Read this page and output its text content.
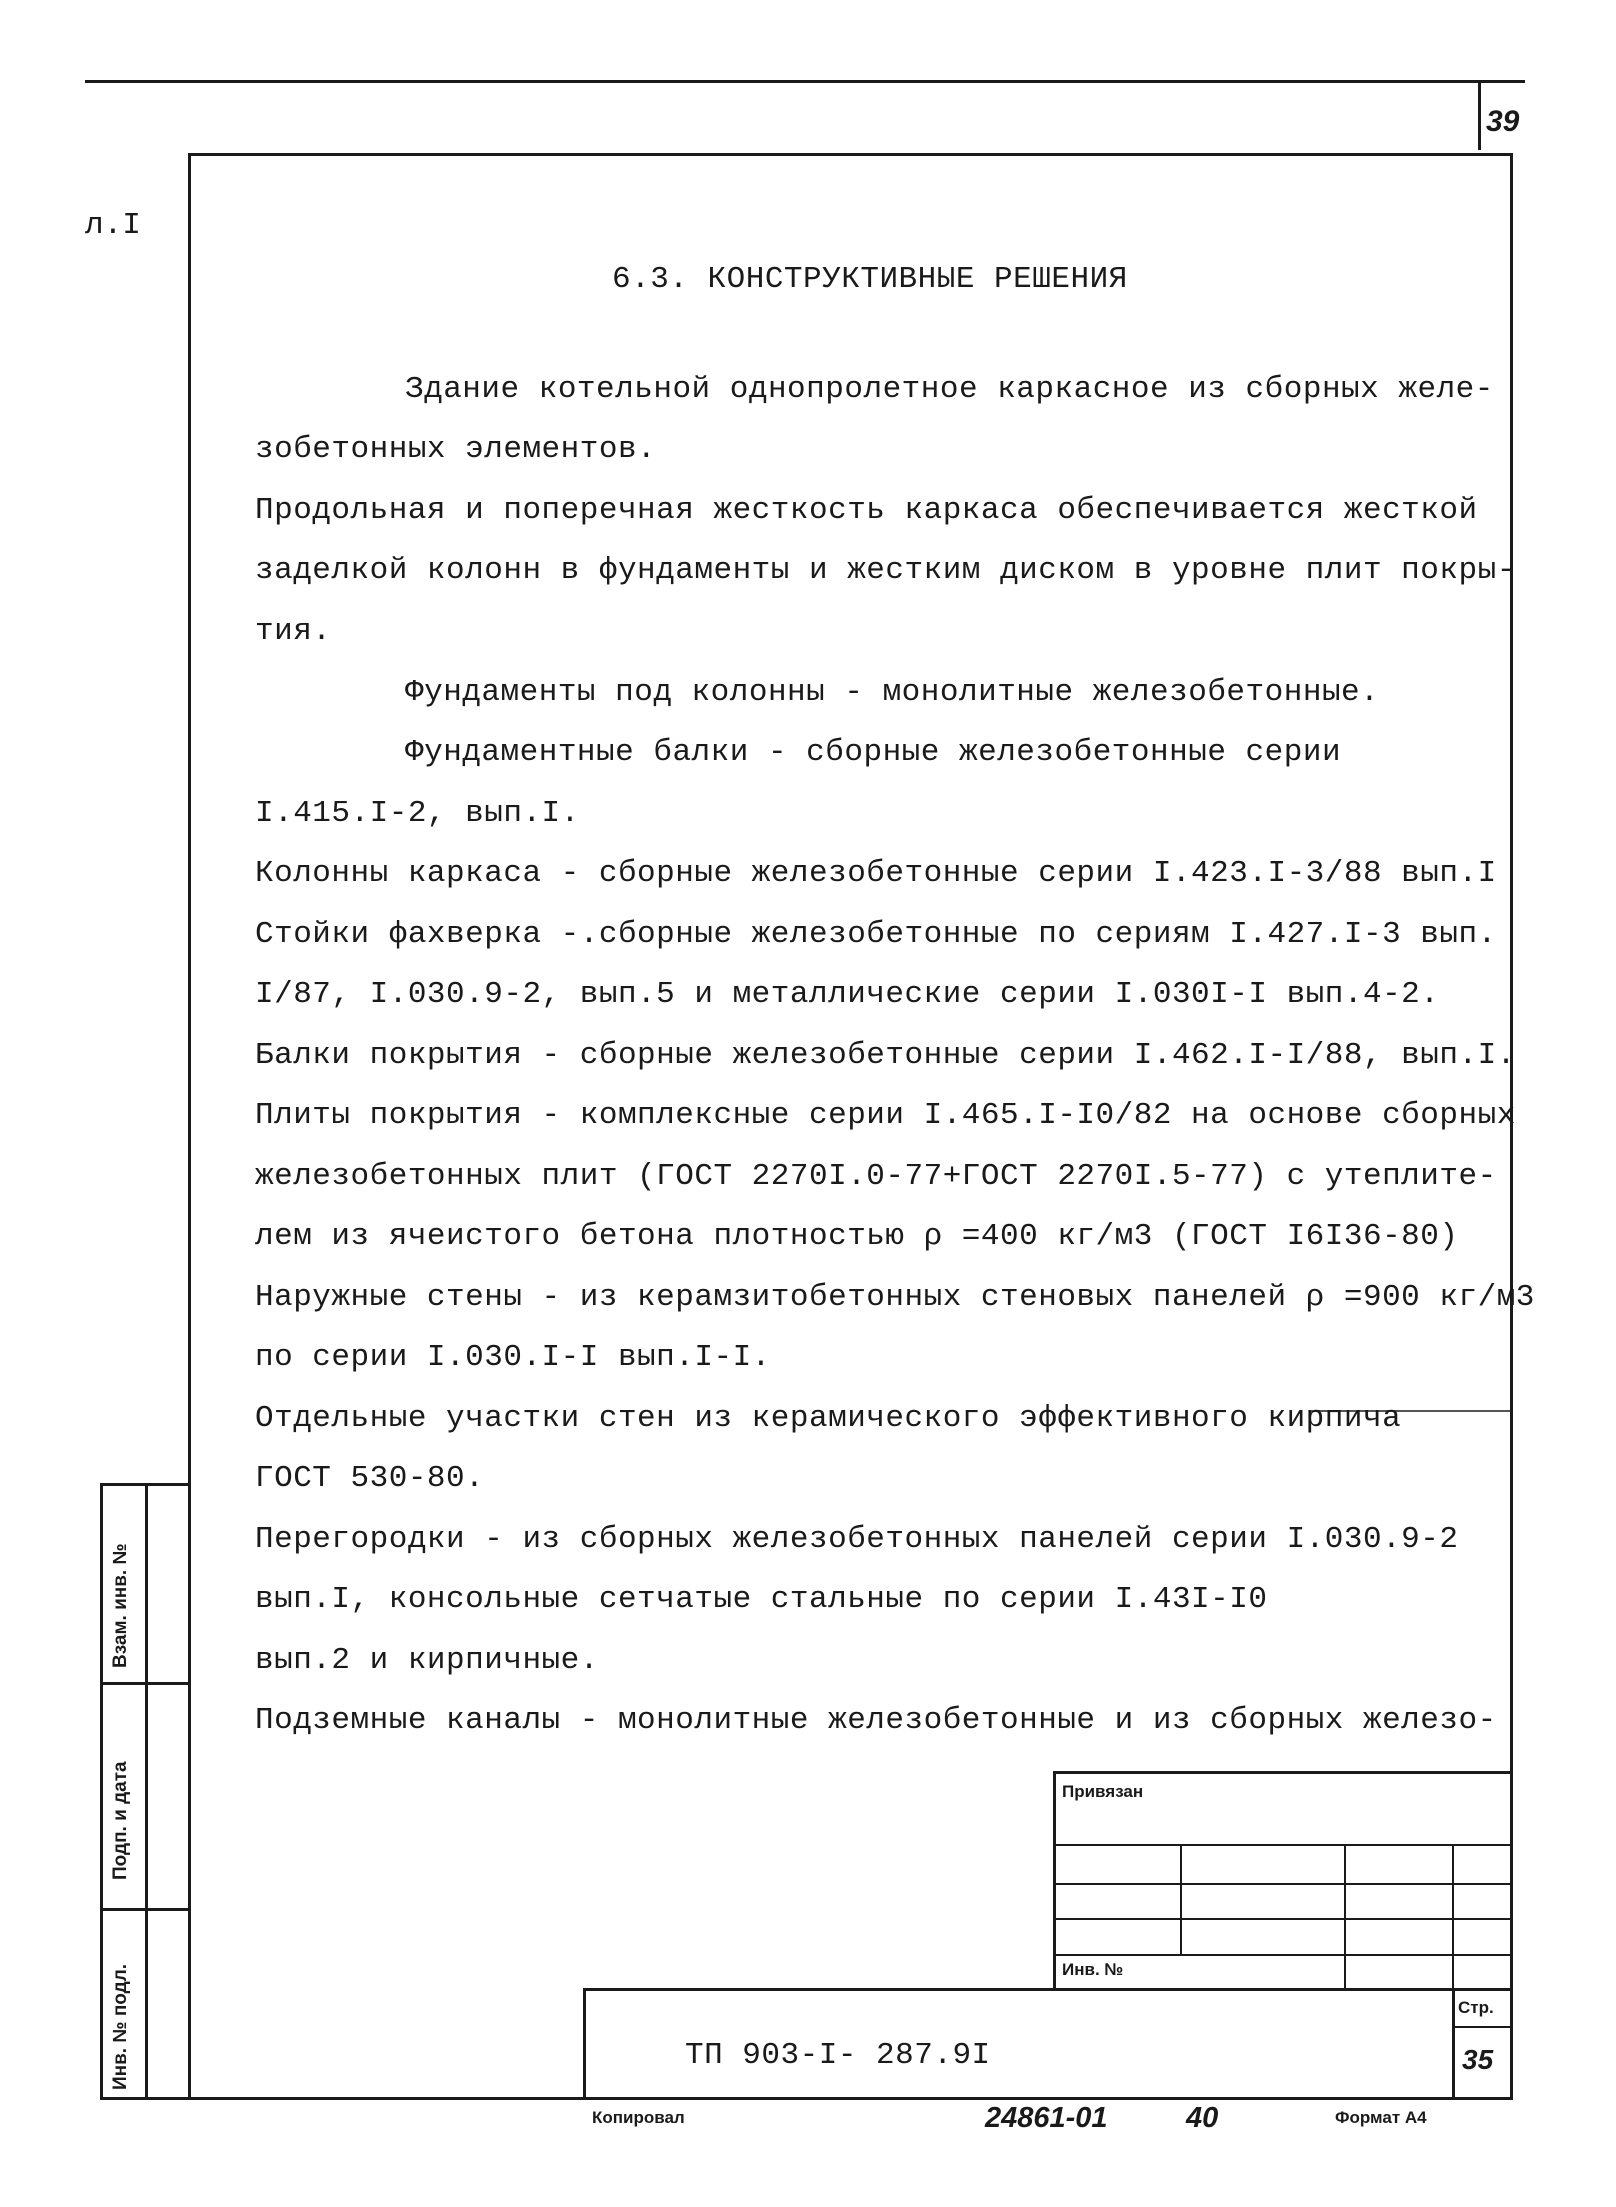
39
л.I
6.3. КОНСТРУКТИВНЫЕ РЕШЕНИЯ
Здание котельной однопролетное каркасное из сборных желе-
зобетонных элементов.
Продольная и поперечная жесткость каркаса обеспечивается жесткой
заделкой колонн в фундаменты и жестким диском в уровне плит покры-
тия.
Фундаменты под колонны - монолитные железобетонные.
Фундаментные балки - сборные железобетонные серии
I.415.I-2, вып.I.
Колонны каркаса - сборные железобетонные серии I.423.I-3/88 вып.I
Стойки фахверка -.сборные железобетонные по сериям I.427.I-3 вып.
I/87, I.030.9-2, вып.5 и металлические серии I.030I-I вып.4-2.
Балки покрытия - сборные железобетонные серии I.462.I-I/88, вып.I.
Плиты покрытия - комплексные серии I.465.I-I0/82 на основе сборных
железобетонных плит (ГОСТ 2270I.0-77+ГОСТ 2270I.5-77) с утеплите-
лем из ячеистого бетона плотностью ρ =400 кг/м3 (ГОСТ I6I36-80)
Наружные стены - из керамзитобетонных стеновых панелей ρ =900 кг/м3
по серии I.030.I-I вып.I-I.
Отдельные участки стен из керамического эффективного кирпича
ГОСТ 530-80.
Перегородки - из сборных железобетонных панелей серии I.030.9-2
вып.I, консольные сетчатые стальные по серии I.43I-I0
вып.2 и кирпичные.
Подземные каналы - монолитные железобетонные и из сборных железо-
Взам. инв. №
Подп. и дата
Инв. № подл.
Привязан
Инв. №
Стр.
ТП 903-I- 287.9I	35
Копировал	24861-01	40	Формат А4
